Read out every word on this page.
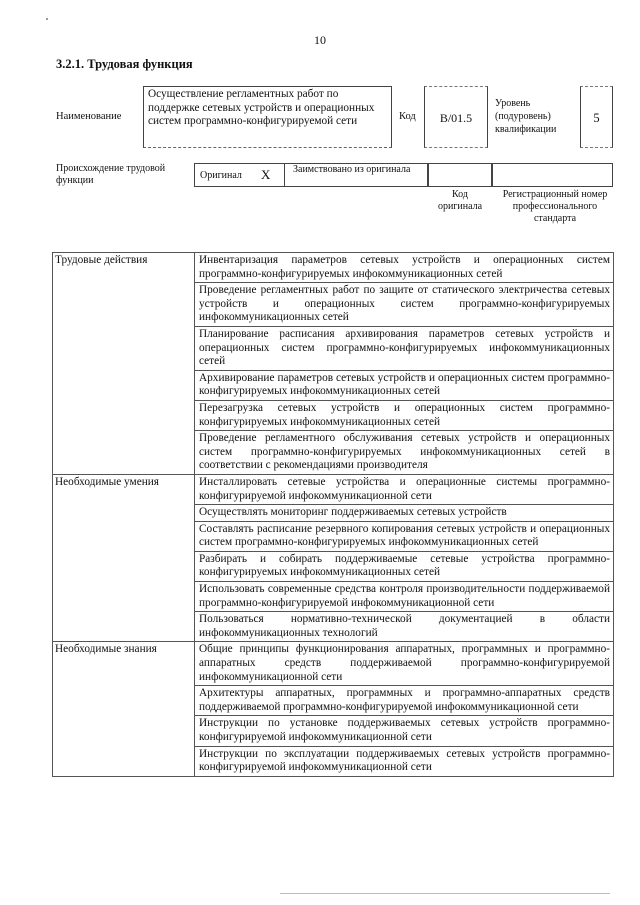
10
3.2.1. Трудовая функция
Наименование
Осуществление регламентных работ по поддержке сетевых устройств и операционных систем программно-конфигурируемой сети	Код	B/01.5
Уровень (подуровень) квалификации
5
Происхождение трудовой функции	Оригинал X Заимствовано из оригинала
Код оригинала
Регистрационный номер профессионального стандарта
Трудовые действия	Инвентаризация параметров сетевых устройств и операционных систем программно-конфигурируемых инфокоммуникационных сетей
	Проведение регламентных работ по защите от статического электричества сетевых устройств и операционных систем программно-конфигурируемых инфокоммуникационных сетей
	Планирование расписания архивирования параметров сетевых устройств и операционных систем программно-конфигурируемых инфокоммуникационных сетей
	Архивирование параметров сетевых устройств и операционных систем программно-конфигурируемых инфокоммуникационных сетей
	Перезагрузка сетевых устройств и операционных систем программно-конфигурируемых инфокоммуникационных сетей
	Проведение регламентного обслуживания сетевых устройств и операционных систем программно-конфигурируемых инфокоммуникационных сетей в соответствии с рекомендациями производителя
Необходимые умения	Инсталлировать сетевые устройства и операционные системы программно-конфигурируемой инфокоммуникационной сети
	Осуществлять мониторинг поддерживаемых сетевых устройств
	Составлять расписание резервного копирования сетевых устройств и операционных систем программно-конфигурируемых инфокоммуникационных сетей
	Разбирать и собирать поддерживаемые сетевые устройства программно-конфигурируемых инфокоммуникационных сетей
	Использовать современные средства контроля производительности поддерживаемой программно-конфигурируемой инфокоммуникационной сети
	Пользоваться нормативно-технической документацией в области инфокоммуникационных технологий
Необходимые знания	Общие принципы функционирования аппаратных, программных и программно-аппаратных средств поддерживаемой программно-конфигурируемой инфокоммуникационной сети
	Архитектуры аппаратных, программных и программно-аппаратных средств поддерживаемой программно-конфигурируемой инфокоммуникационной сети
	Инструкции по установке поддерживаемых сетевых устройств программно-конфигурируемой инфокоммуникационной сети
	Инструкции по эксплуатации поддерживаемых сетевых устройств программно-конфигурируемой инфокоммуникационной сети
